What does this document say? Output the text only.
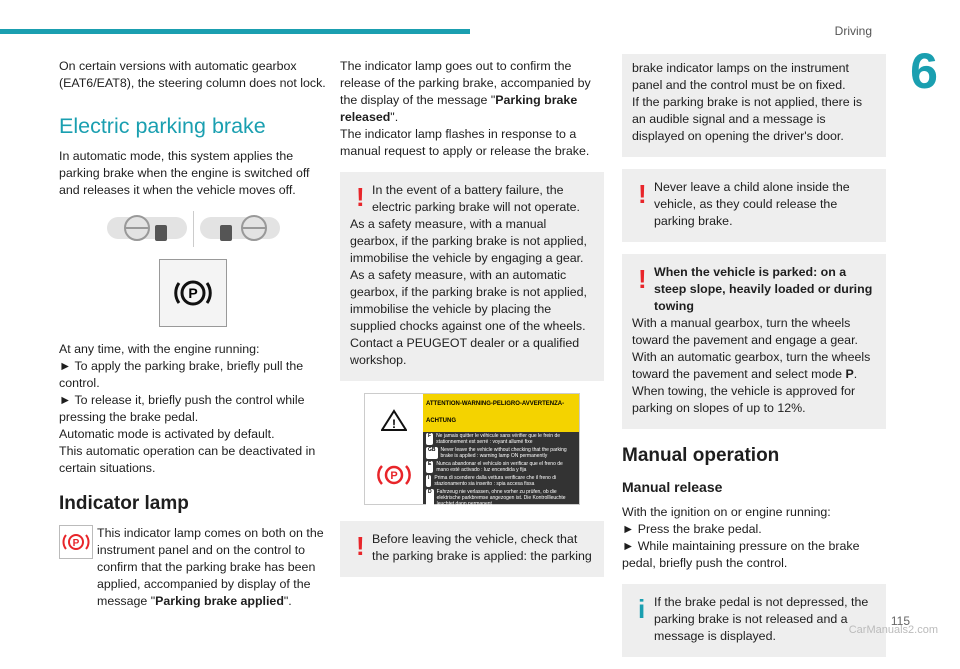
Driving
6

On certain versions with automatic gearbox (EAT6/EAT8), the steering column does not lock.

Electric parking brake

In automatic mode, this system applies the parking brake when the engine is switched off and releases it when the vehicle moves off.

P

At any time, with the engine running:

► To apply the parking brake, briefly pull the control.

► To release it, briefly push the control while pressing the brake pedal.

Automatic mode is activated by default.

This automatic operation can be deactivated in certain situations.

Indicator lamp
P

This indicator lamp comes on both on the instrument panel and on the control to confirm that the parking brake has been applied, accompanied by display of the message "Parking brake applied".

The indicator lamp goes out to confirm the release of the parking brake, accompanied by the display of the message "Parking brake released".

The indicator lamp flashes in response to a manual request to apply or release the brake.

! In the event of a battery failure, the electric parking brake will not operate.

As a safety measure, with a manual gearbox, if the parking brake is not applied, immobilise the vehicle by engaging a gear.

As a safety measure, with an automatic gearbox, if the parking brake is not applied, immobilise the vehicle by placing the supplied chocks against one of the wheels.

Contact a PEUGEOT dealer or a qualified workshop.

!
P
ATTENTION-WARNING-PELIGRO-AVVERTENZA-ACHTUNG
F	Ne jamais quitter le véhicule sans vérifier que le frein de stationnement est serré : voyant allumé fixe
GB	Never leave the vehicle without checking that the parking brake is applied : warning lamp ON permanently
E	Nunca abandonar el vehículo sin verificar que el freno de mano esté activado : luz encendida y fija
I	Prima di scendere dalla vettura verificare che il freno di stazionamento sia inserito : spia accesa fissa
D	Fahrzeug nie verlassen, ohne vorher zu prüfen, ob die elektrische parkbremse angezogen ist. Die Kontrollleuchte leuchtet dann permanent
! Before leaving the vehicle, check that the parking brake is applied: the parking

brake indicator lamps on the instrument panel and the control must be on fixed.

If the parking brake is not applied, there is an audible signal and a message is displayed on opening the driver's door.

! Never leave a child alone inside the vehicle, as they could release the parking brake.

! When the vehicle is parked: on a steep slope, heavily loaded or during towing

With a manual gearbox, turn the wheels toward the pavement and engage a gear.

With an automatic gearbox, turn the wheels toward the pavement and select mode P.

When towing, the vehicle is approved for parking on slopes of up to 12%.

Manual operation
Manual release

With the ignition on or engine running:

► Press the brake pedal.

► While maintaining pressure on the brake pedal, briefly push the control.

i If the brake pedal is not depressed, the parking brake is not released and a message is displayed.

115
CarManuals2.com
